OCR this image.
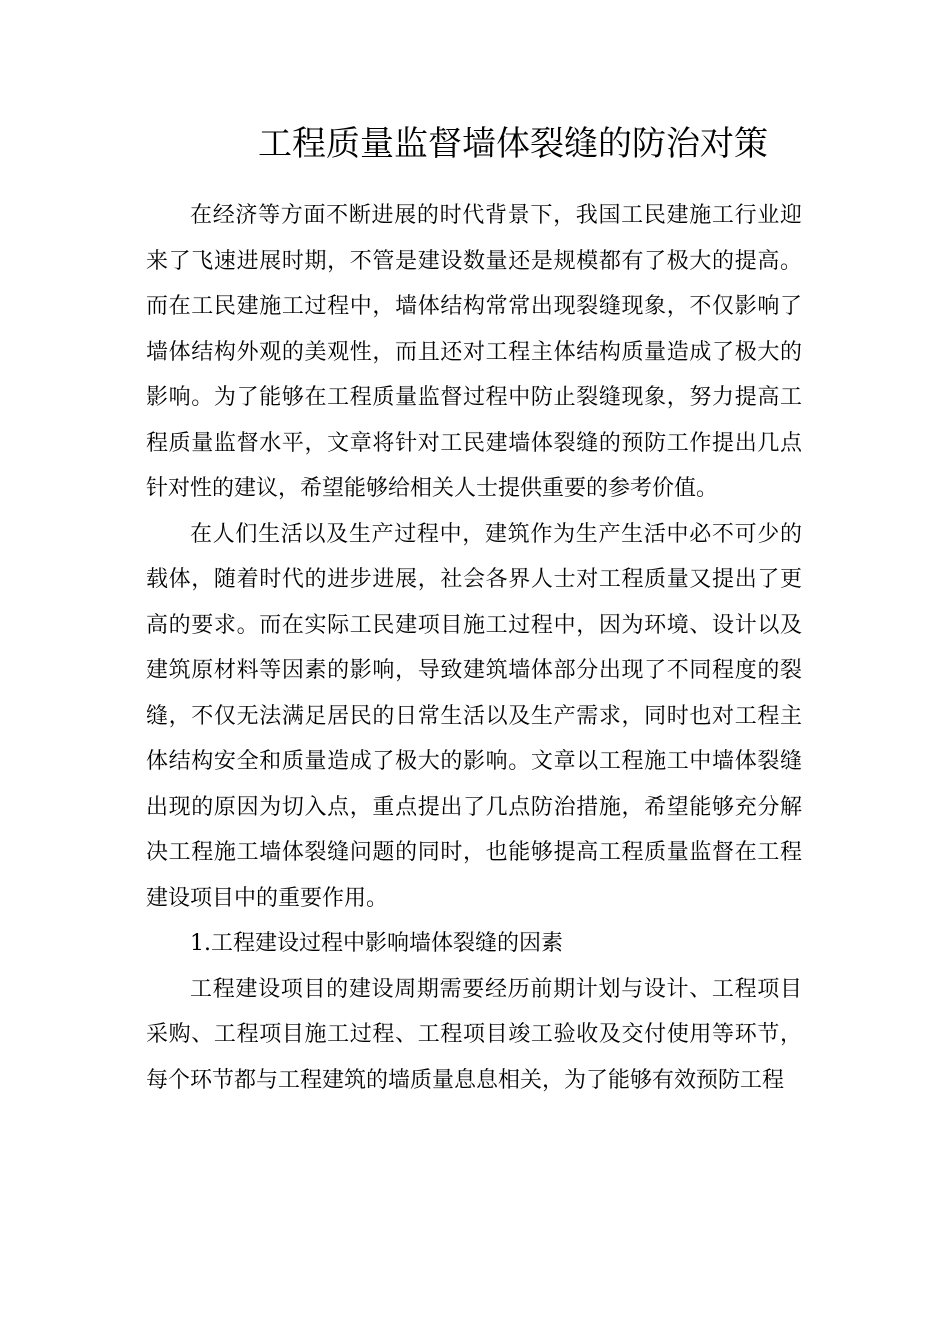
工程质量监督墙体裂缝的防治对策

在经济等方面不断进展的时代背景下，我国工民建施工行业迎来了飞速进展时期，不管是建设数量还是规模都有了极大的提高。而在工民建施工过程中，墙体结构常常出现裂缝现象，不仅影响了墙体结构外观的美观性，而且还对工程主体结构质量造成了极大的影响。为了能够在工程质量监督过程中防止裂缝现象，努力提高工程质量监督水平，文章将针对工民建墙体裂缝的预防工作提出几点针对性的建议，希望能够给相关人士提供重要的参考价值。

在人们生活以及生产过程中，建筑作为生产生活中必不可少的载体，随着时代的进步进展，社会各界人士对工程质量又提出了更高的要求。而在实际工民建项目施工过程中，因为环境、设计以及建筑原材料等因素的影响，导致建筑墙体部分出现了不同程度的裂缝，不仅无法满足居民的日常生活以及生产需求，同时也对工程主体结构安全和质量造成了极大的影响。文章以工程施工中墙体裂缝出现的原因为切入点，重点提出了几点防治措施，希望能够充分解决工程施工墙体裂缝问题的同时，也能够提高工程质量监督在工程建设项目中的重要作用。

1.工程建设过程中影响墙体裂缝的因素

工程建设项目的建设周期需要经历前期计划与设计、工程项目采购、工程项目施工过程、工程项目竣工验收及交付使用等环节，每个环节都与工程建筑的墙质量息息相关，为了能够有效预防工程
